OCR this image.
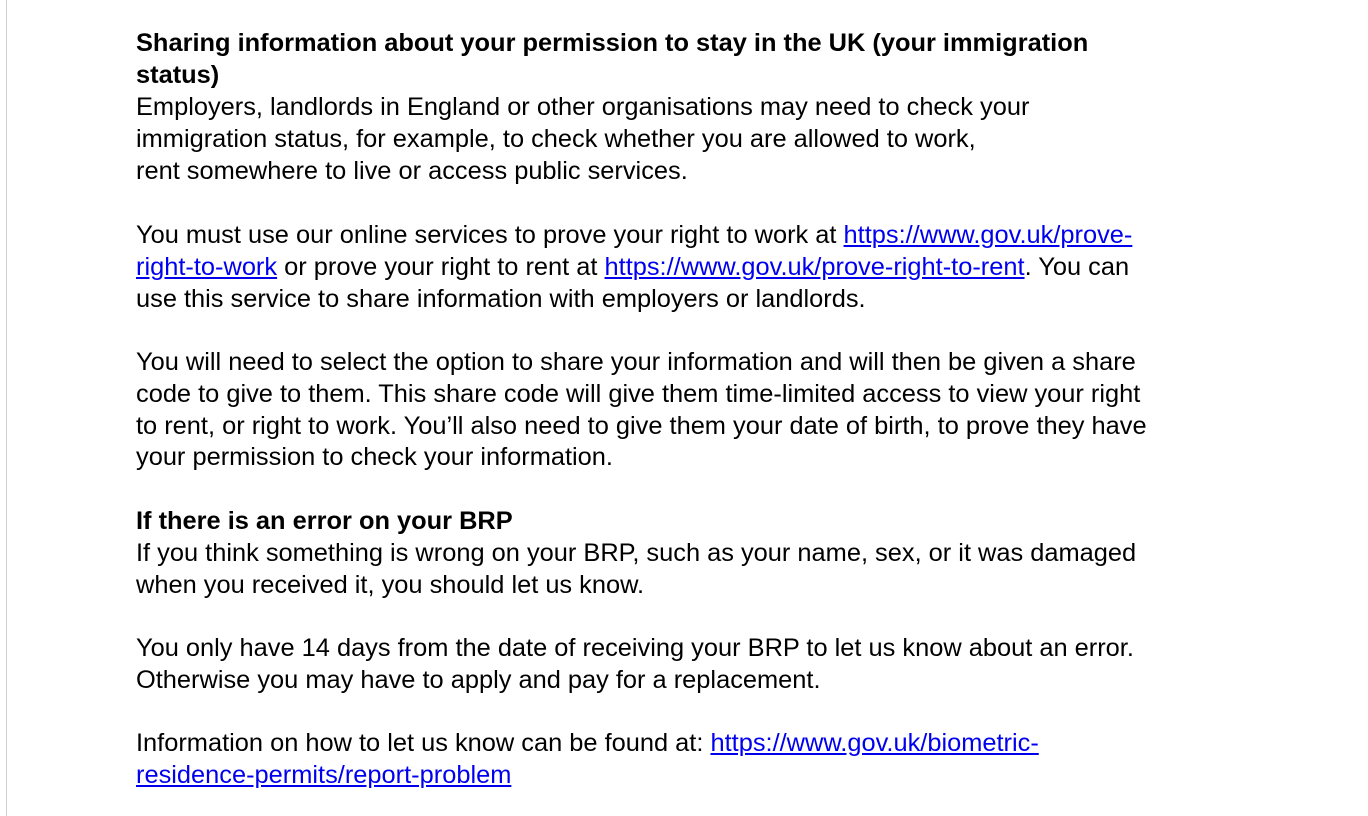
Sharing information about your permission to stay in the UK (your immigration

status)

Employers, landlords in England or other organisations may need to check your

immigration status, for example, to check whether you are allowed to work,

rent somewhere to live or access public services.

You must use our online services to prove your right to work at https://www.gov.uk/prove-

right-to-work or prove your right to rent at https://www.gov.uk/prove-right-to-rent. You can

use this service to share information with employers or landlords.

You will need to select the option to share your information and will then be given a share

code to give to them. This share code will give them time-limited access to view your right

to rent, or right to work. You’ll also need to give them your date of birth, to prove they have

your permission to check your information.

If there is an error on your BRP

If you think something is wrong on your BRP, such as your name, sex, or it was damaged

when you received it, you should let us know.

You only have 14 days from the date of receiving your BRP to let us know about an error.

Otherwise you may have to apply and pay for a replacement.

Information on how to let us know can be found at: https://www.gov.uk/biometric-

residence-permits/report-problem
